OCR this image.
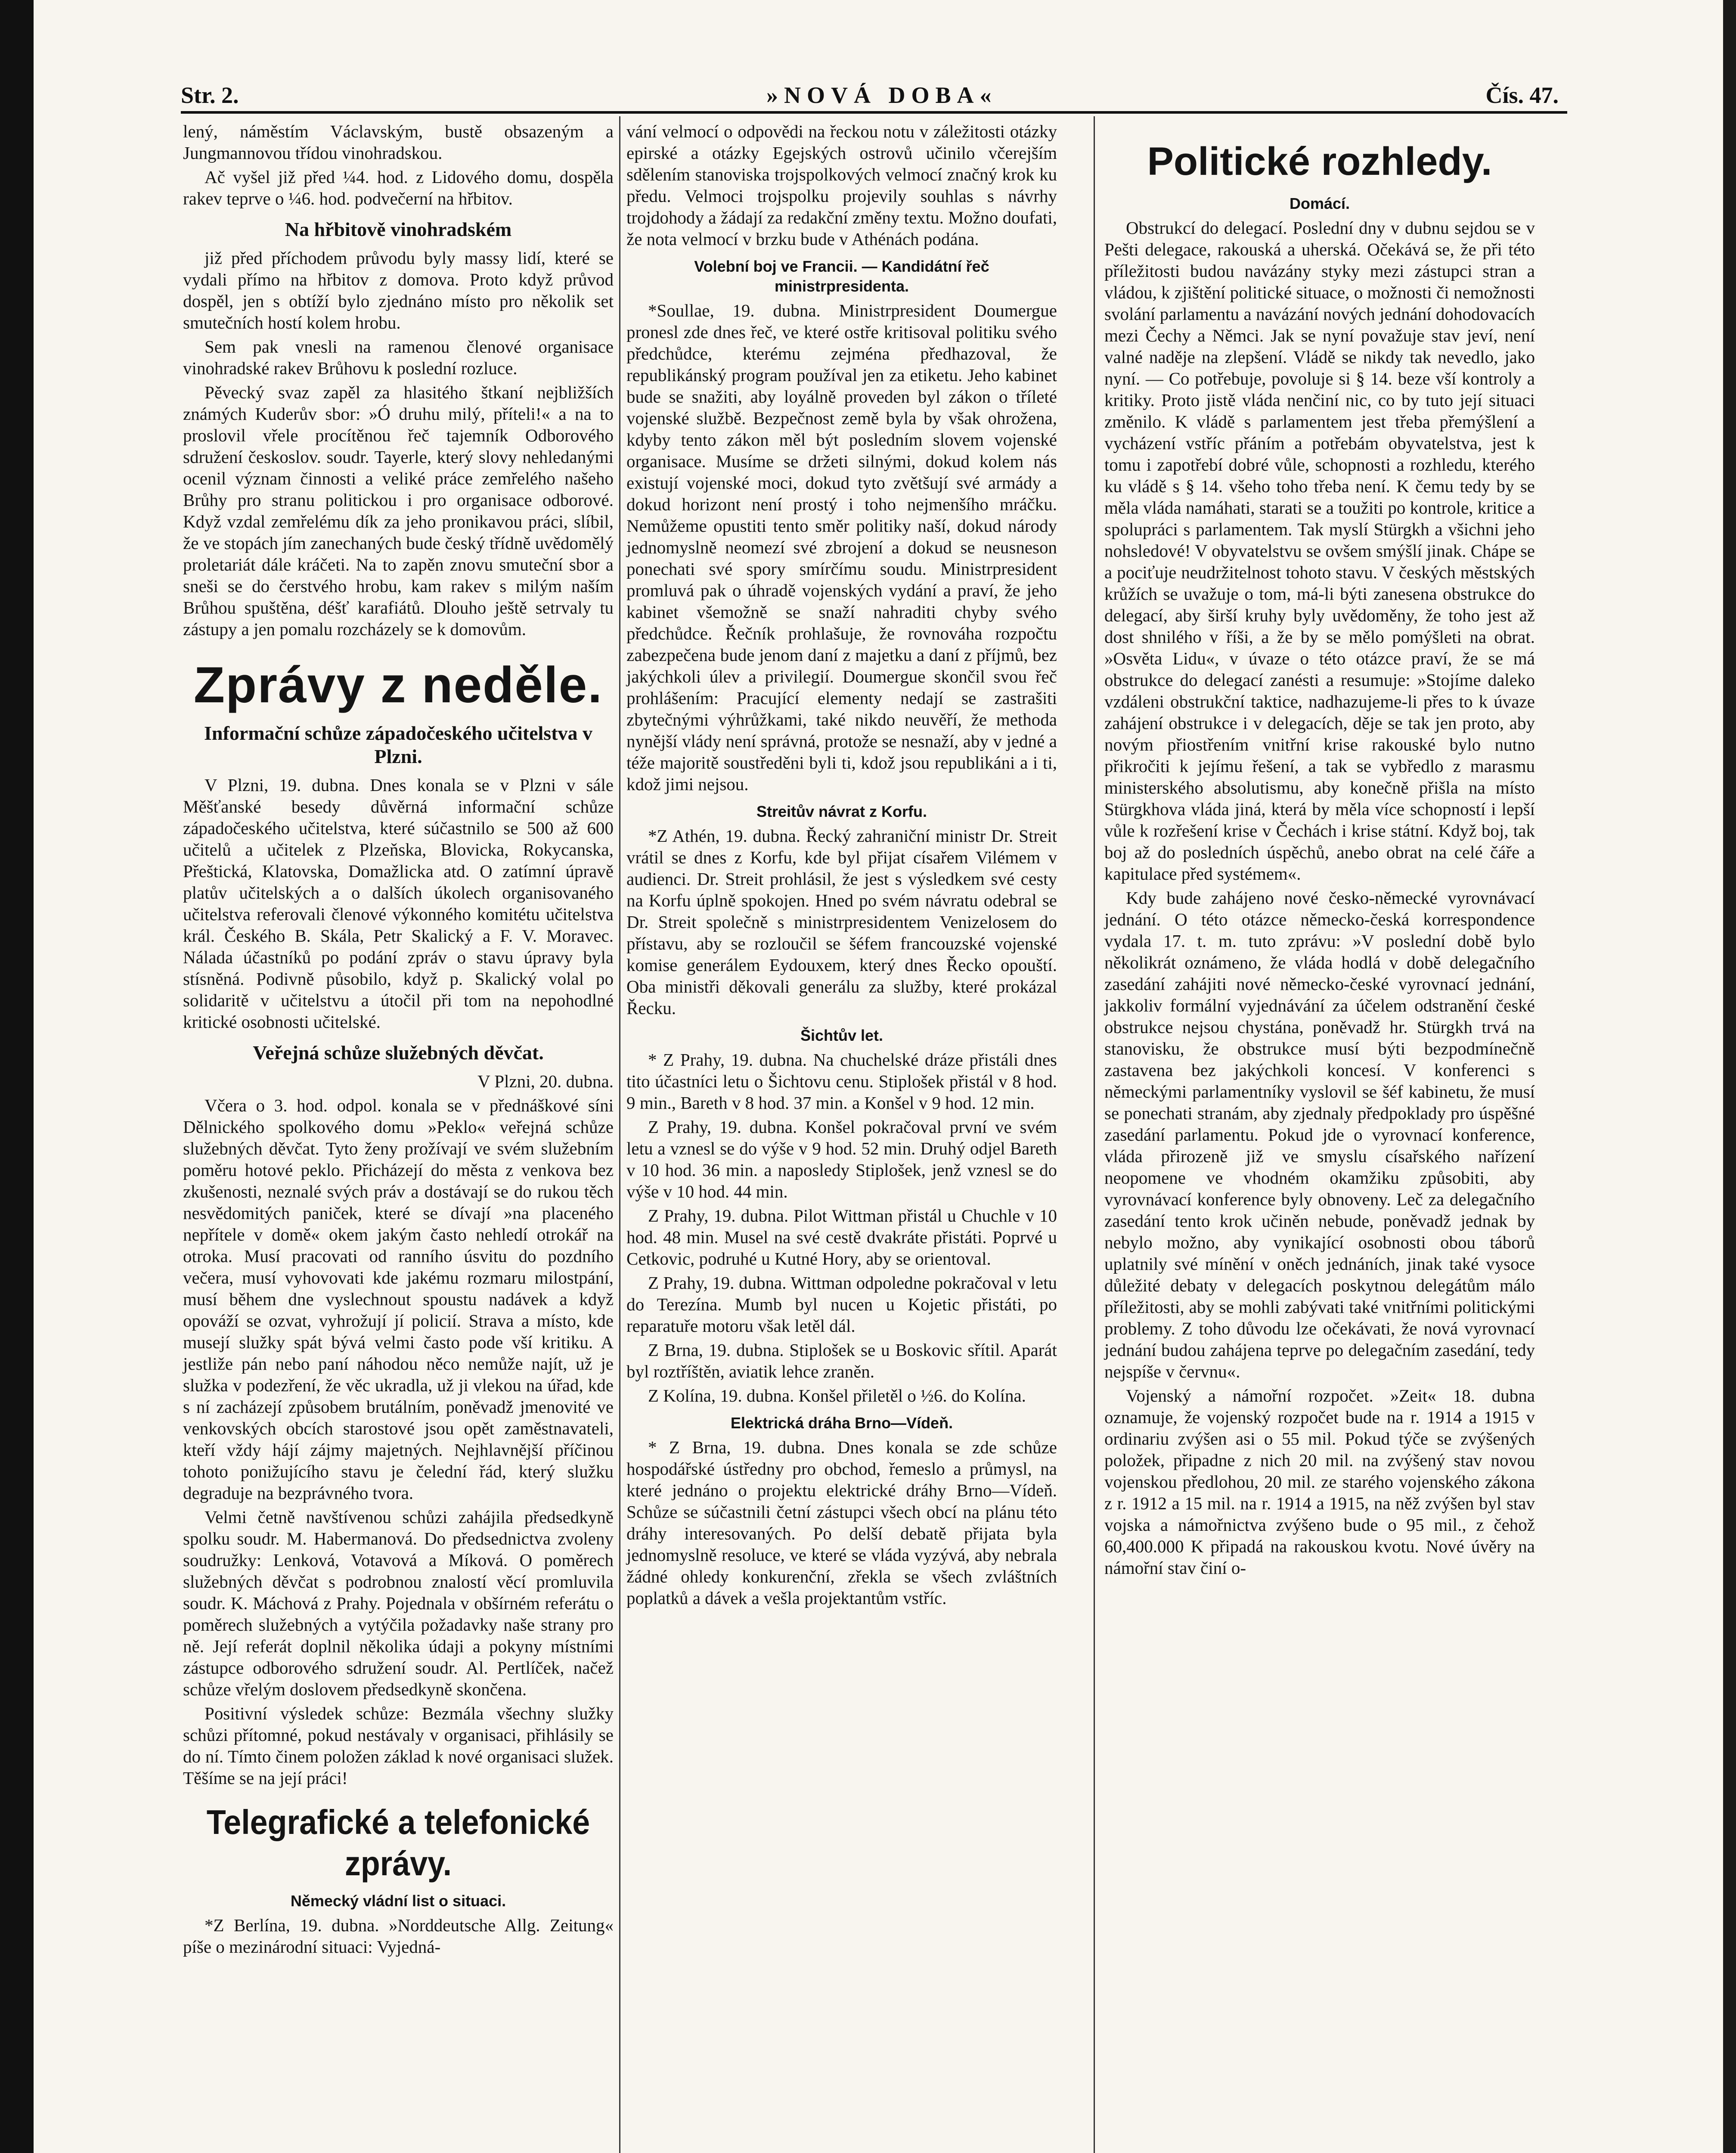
Str. 2.	»NOVÁ DOBA«	Čís. 47.

lený, náměstím Václavským, bustě obsazeným a Jungmannovou třídou vinohradskou.

Ač vyšel již před ¼4. hod. z Lidového domu, dospěla rakev teprve o ¼6. hod. podvečerní na hřbitov.

Na hřbitově vinohradském

již před příchodem průvodu byly massy lidí, které se vydali přímo na hřbitov z domova. Proto když průvod dospěl, jen s obtíží bylo zjednáno místo pro několik set smutečních hostí kolem hrobu.

Sem pak vnesli na ramenou členové organisace vinohradské rakev Brůhovu k poslední rozluce.

Pěvecký svaz zapěl za hlasitého štkaní nejbližších známých Kuderův sbor: »Ó druhu milý, příteli!« a na to proslovil vřele procítěnou řeč tajemník Odborového sdružení českoslov. soudr. Tayerle, který slovy nehledanými ocenil význam činnosti a veliké práce zemřelého našeho Brůhy pro stranu politickou i pro organisace odborové. Když vzdal zemřelému dík za jeho pronikavou práci, slíbil, že ve stopách jím zanechaných bude český třídně uvědomělý proletariát dále kráčeti. Na to zapěn znovu smuteční sbor a sneši se do čerstvého hrobu, kam rakev s milým naším Brůhou spuštěna, déšť karafiátů. Dlouho ještě setrvaly tu zástupy a jen pomalu rozcházely se k domovům.

Zprávy z neděle.
Informační schůze západočeského učitelstva v Plzni.

V Plzni, 19. dubna. Dnes konala se v Plzni v sále Měšťanské besedy důvěrná informační schůze západočeského učitelstva, které súčastnilo se 500 až 600 učitelů a učitelek z Plzeňska, Blovicka, Rokycanska, Přeštická, Klatovska, Domažlicka atd. O zatímní úpravě platův učitelských a o dalších úkolech organisovaného učitelstva referovali členové výkonného komitétu učitelstva král. Českého B. Skála, Petr Skalický a F. V. Moravec. Nálada účastníků po podání zpráv o stavu úpravy byla stísněná. Podivně působilo, když p. Skalický volal po solidaritě v učitelstvu a útočil při tom na nepohodlné kritické osobnosti učitelské.

Veřejná schůze služebných děvčat.

V Plzni, 20. dubna.

Včera o 3. hod. odpol. konala se v přednáškové síni Dělnického spolkového domu »Peklo« veřejná schůze služebných děvčat. Tyto ženy prožívají ve svém služebním poměru hotové peklo. Přicházejí do města z venkova bez zkušenosti, neznalé svých práv a dostávají se do rukou těch nesvědomitých paniček, které se dívají »na placeného nepřítele v domě« okem jakým často nehledí otrokář na otroka. Musí pracovati od ranního úsvitu do pozdního večera, musí vyhovovati kde jakému rozmaru milostpání, musí během dne vyslechnout spoustu nadávek a když opováží se ozvat, vyhrožují jí policií. Strava a místo, kde musejí služky spát bývá velmi často pode vší kritiku. A jestliže pán nebo paní náhodou něco nemůže najít, už je služka v podezření, že věc ukradla, už ji vlekou na úřad, kde s ní zacházejí způsobem brutálním, poněvadž jmenovité ve venkovských obcích starostové jsou opět zaměstnavateli, kteří vždy hájí zájmy majetných. Nejhlavnější příčinou tohoto ponižujícího stavu je čelední řád, který služku degraduje na bezprávného tvora.

Velmi četně navštívenou schůzi zahájila předsedkyně spolku soudr. M. Habermanová. Do předsednictva zvoleny soudružky: Lenková, Votavová a Míková. O poměrech služebných děvčat s podrobnou znalostí věcí promluvila soudr. K. Máchová z Prahy. Pojednala v obšírném referátu o poměrech služebných a vytýčila požadavky naše strany pro ně. Její referát doplnil několika údaji a pokyny místními zástupce odborového sdružení soudr. Al. Pertlíček, načež schůze vřelým doslovem předsedkyně skončena.

Positivní výsledek schůze: Bezmála všechny služky schůzi přítomné, pokud nestávaly v organisaci, přihlásily se do ní. Tímto činem položen základ k nové organisaci služek. Těšíme se na její práci!

Telegrafické a telefonické zprávy.
Německý vládní list o situaci.

*Z Berlína, 19. dubna. »Norddeutsche Allg. Zeitung« píše o mezinárodní situaci: Vyjedná-

vání velmocí o odpovědi na řeckou notu v záležitosti otázky epirské a otázky Egejských ostrovů učinilo včerejším sdělením stanoviska trojspolkových velmocí značný krok ku předu. Velmoci trojspolku projevily souhlas s návrhy trojdohody a žádají za redakční změny textu. Možno doufati, že nota velmocí v brzku bude v Athénách podána.

Volební boj ve Francii. — Kandidátní řeč ministrpresidenta.

*Soullae, 19. dubna. Ministrpresident Doumergue pronesl zde dnes řeč, ve které ostře kritisoval politiku svého předchůdce, kterému zejména předhazoval, že republikánský program používal jen za etiketu. Jeho kabinet bude se snažiti, aby loyálně proveden byl zákon o tříleté vojenské službě. Bezpečnost země byla by však ohrožena, kdyby tento zákon měl být posledním slovem vojenské organisace. Musíme se držeti silnými, dokud kolem nás existují vojenské moci, dokud tyto zvětšují své armády a dokud horizont není prostý i toho nejmenšího mráčku. Nemůžeme opustiti tento směr politiky naší, dokud národy jednomyslně neomezí své zbrojení a dokud se neusneson ponechati své spory smírčímu soudu. Ministrpresident promluvá pak o úhradě vojenských vydání a praví, že jeho kabinet všemožně se snaží nahraditi chyby svého předchůdce. Řečník prohlašuje, že rovnováha rozpočtu zabezpečena bude jenom daní z majetku a daní z příjmů, bez jakýchkoli úlev a privilegií. Doumergue skončil svou řeč prohlášením: Pracující elementy nedají se zastrašiti zbytečnými výhrůžkami, také nikdo neuvěří, že methoda nynější vlády není správná, protože se nesnaží, aby v jedné a téže majoritě soustředěni byli ti, kdož jsou republikáni a i ti, kdož jimi nejsou.

Streitův návrat z Korfu.

*Z Athén, 19. dubna. Řecký zahraniční ministr Dr. Streit vrátil se dnes z Korfu, kde byl přijat císařem Vilémem v audienci. Dr. Streit prohlásil, že jest s výsledkem své cesty na Korfu úplně spokojen. Hned po svém návratu odebral se Dr. Streit společně s ministrpresidentem Venizelosem do přístavu, aby se rozloučil se šéfem francouzské vojenské komise generálem Eydouxem, který dnes Řecko opouští. Oba ministři děkovali generálu za služby, které prokázal Řecku.

Šichtův let.

* Z Prahy, 19. dubna. Na chuchelské dráze přistáli dnes tito účastníci letu o Šichtovu cenu. Stiplošek přistál v 8 hod. 9 min., Bareth v 8 hod. 37 min. a Konšel v 9 hod. 12 min.

Z Prahy, 19. dubna. Konšel pokračoval první ve svém letu a vznesl se do výše v 9 hod. 52 min. Druhý odjel Bareth v 10 hod. 36 min. a naposledy Stiplošek, jenž vznesl se do výše v 10 hod. 44 min.

Z Prahy, 19. dubna. Pilot Wittman přistál u Chuchle v 10 hod. 48 min. Musel na své cestě dvakráte přistáti. Poprvé u Cetkovic, podruhé u Kutné Hory, aby se orientoval.

Z Prahy, 19. dubna. Wittman odpoledne pokračoval v letu do Terezína. Mumb byl nucen u Kojetic přistáti, po reparatuře motoru však letěl dál.

Z Brna, 19. dubna. Stiplošek se u Boskovic sřítil. Aparát byl roztříštěn, aviatik lehce zraněn.

Z Kolína, 19. dubna. Konšel přiletěl o ½6. do Kolína.

Elektrická dráha Brno—Vídeň.

* Z Brna, 19. dubna. Dnes konala se zde schůze hospodářské ústředny pro obchod, řemeslo a průmysl, na které jednáno o projektu elektrické dráhy Brno—Vídeň. Schůze se súčastnili četní zástupci všech obcí na plánu této dráhy interesovaných. Po delší debatě přijata byla jednomyslně resoluce, ve které se vláda vyzývá, aby nebrala žádné ohledy konkurenční, zřekla se všech zvláštních poplatků a dávek a vešla projektantům vstříc.

Politické rozhledy.
Domácí.

Obstrukcí do delegací. Poslední dny v dubnu sejdou se v Pešti delegace, rakouská a uherská. Očekává se, že při této příležitosti budou navázány styky mezi zástupci stran a vládou, k zjištění politické situace, o možnosti či nemožnosti svolání parlamentu a navázání nových jednání dohodovacích mezi Čechy a Němci. Jak se nyní považuje stav jeví, není valné naděje na zlepšení. Vládě se nikdy tak nevedlo, jako nyní. — Co potřebuje, povoluje si § 14. beze vší kontroly a kritiky. Proto jistě vláda nenčiní nic, co by tuto její situaci změnilo. K vládě s parlamentem jest třeba přemýšlení a vycházení vstříc přáním a potřebám obyvatelstva, jest k tomu i zapotřebí dobré vůle, schopnosti a rozhledu, kterého ku vládě s § 14. všeho toho třeba není. K čemu tedy by se měla vláda namáhati, starati se a toužiti po kontrole, kritice a spolupráci s parlamentem. Tak myslí Stürgkh a všichni jeho nohsledové! V obyvatelstvu se ovšem smýšlí jinak. Chápe se a pociťuje neudržitelnost tohoto stavu. V českých městských krůžích se uvažuje o tom, má-li býti zanesena obstrukce do delegací, aby širší kruhy byly uvědoměny, že toho jest až dost shnilého v říši, a že by se mělo pomýšleti na obrat. »Osvěta Lidu«, v úvaze o této otázce praví, že se má obstrukce do delegací zanésti a resumuje: »Stojíme daleko vzdáleni obstrukční taktice, nadhazujeme-li přes to k úvaze zahájení obstrukce i v delegacích, děje se tak jen proto, aby novým přiostřením vnitřní krise rakouské bylo nutno přikročiti k jejímu řešení, a tak se vybředlo z marasmu ministerského absolutismu, aby konečně přišla na místo Stürgkhova vláda jiná, která by měla více schopností i lepší vůle k rozřešení krise v Čechách i krise státní. Když boj, tak boj až do posledních úspěchů, anebo obrat na celé čáře a kapitulace před systémem«.

Kdy bude zahájeno nové česko-německé vyrovnávací jednání. O této otázce německo-česká korrespondence vydala 17. t. m. tuto zprávu: »V poslední době bylo několikrát oznámeno, že vláda hodlá v době delegačního zasedání zahájiti nové německo-české vyrovnací jednání, jakkoliv formální vyjednávání za účelem odstranění české obstrukce nejsou chystána, poněvadž hr. Stürgkh trvá na stanovisku, že obstrukce musí býti bezpodmínečně zastavena bez jakýchkoli koncesí. V konferenci s německými parlamentníky vyslovil se šéf kabinetu, že musí se ponechati stranám, aby zjednaly předpoklady pro úspěšné zasedání parlamentu. Pokud jde o vyrovnací konference, vláda přirozeně již ve smyslu císařského nařízení neopomene ve vhodném okamžiku způsobiti, aby vyrovnávací konference byly obnoveny. Leč za delegačního zasedání tento krok učiněn nebude, poněvadž jednak by nebylo možno, aby vynikající osobnosti obou táborů uplatnily své mínění v oněch jednáních, jinak také vysoce důležité debaty v delegacích poskytnou delegátům málo příležitosti, aby se mohli zabývati také vnitřními politickými problemy. Z toho důvodu lze očekávati, že nová vyrovnací jednání budou zahájena teprve po delegačním zasedání, tedy nejspíše v červnu«.

Vojenský a námořní rozpočet. »Zeit« 18. dubna oznamuje, že vojenský rozpočet bude na r. 1914 a 1915 v ordinariu zvýšen asi o 55 mil. Pokud týče se zvýšených položek, připadne z nich 20 mil. na zvýšený stav novou vojenskou předlohou, 20 mil. ze starého vojenského zákona z r. 1912 a 15 mil. na r. 1914 a 1915, na něž zvýšen byl stav vojska a námořnictva zvýšeno bude o 95 mil., z čehož 60,400.000 K připadá na rakouskou kvotu. Nové úvěry na námořní stav činí o-
